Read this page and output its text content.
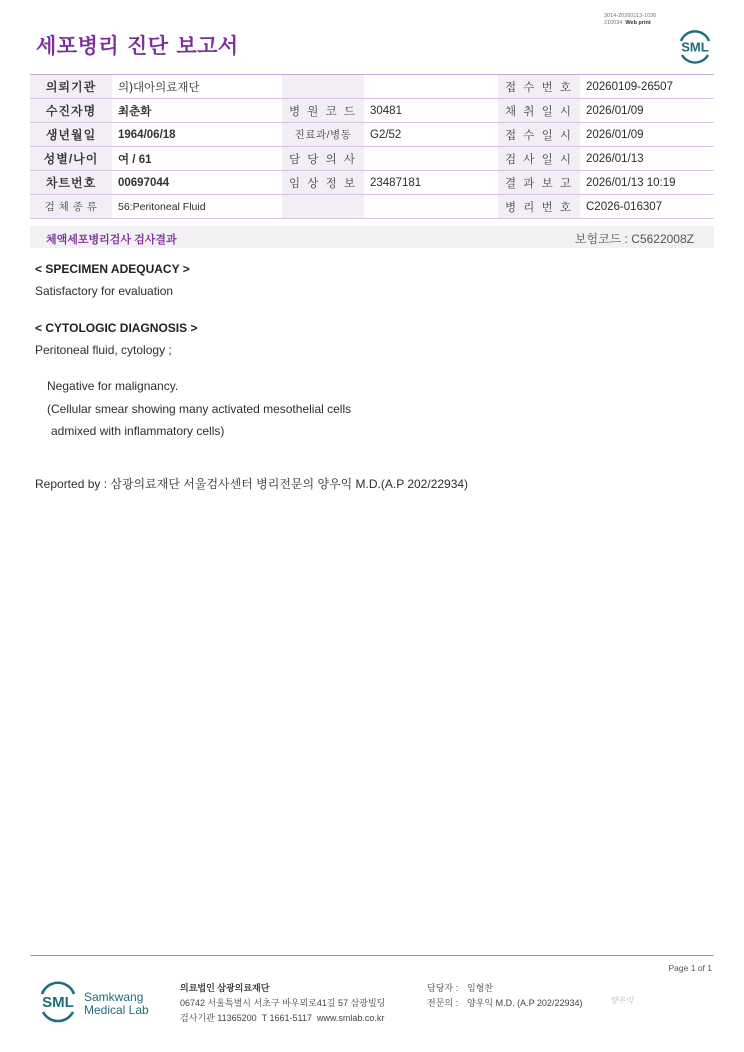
세포병리 진단 보고서
3014-20260113-1036
210034 Web print
SML
의뢰기관	의)대아의료재단			접 수 번 호	20260109-26507
수진자명	최춘화	병 원 코 드	30481	채 취 일 시	2026/01/09
생년월일	1964/06/18	진료과/병동	G2/52	접 수 일 시	2026/01/09
성별/나이	여 / 61	담 당 의 사		검 사 일 시	2026/01/13
차트번호	00697044	임 상 정 보	23487181	결 과 보 고	2026/01/13 10:19
검 체 종 류	56:Peritoneal Fluid			병 리 번 호	C2026-016307
체액세포병리검사 검사결과	보험코드 : C5622008Z
< SPECIMEN ADEQUACY >
Satisfactory for evaluation
< CYTOLOGIC DIAGNOSIS >
Peritoneal fluid, cytology ;
Negative for malignancy.
(Cellular smear showing many activated mesothelial cells
admixed with inflammatory cells)
Reported by : 삼광의료재단 서울검사센터 병리전문의 양우익 M.D.(A.P 202/22934)
Page 1 of 1
SML Samkwang
Medical Lab
의료법인 삼광의료재단
06742 서울특별시 서초구 바우뫼로41길 57 삼광빌딩
검사기관 11365200  T 1661-5117  www.smlab.co.kr
담당자 : 임형찬
전문의 : 양우익 M.D. (A.P 202/22934)	양우익
